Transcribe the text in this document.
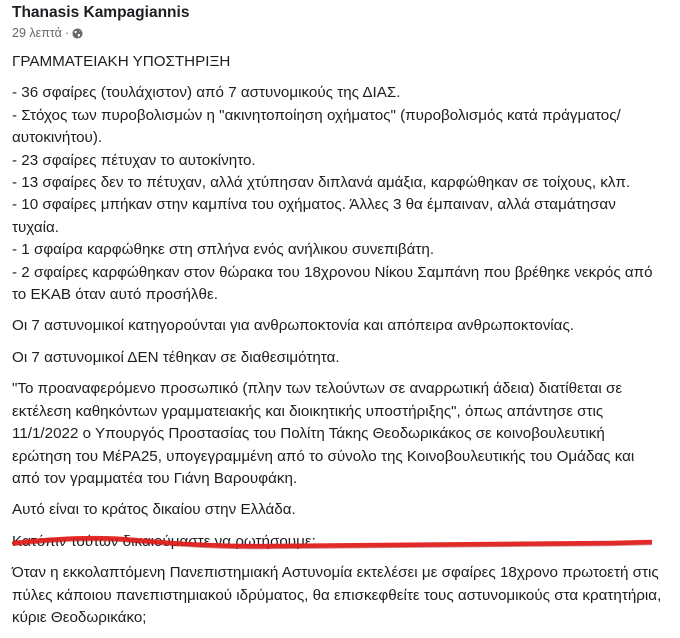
Thanasis Kampagiannis
29 λεπτά ·

ΓΡΑΜΜΑΤΕΙΑΚΗ ΥΠΟΣΤΗΡΙΞΗ

- 36 σφαίρες (τουλάχιστον) από 7 αστυνομικούς της ΔΙΑΣ.
- Στόχος των πυροβολισμών η "ακινητοποίηση οχήματος" (πυροβολισμός κατά πράγματος/αυτοκινήτου).
- 23 σφαίρες πέτυχαν το αυτοκίνητο.
- 13 σφαίρες δεν το πέτυχαν, αλλά χτύπησαν διπλανά αμάξια, καρφώθηκαν σε τοίχους, κλπ.
- 10 σφαίρες μπήκαν στην καμπίνα του οχήματος. Άλλες 3 θα έμπαιναν, αλλά σταμάτησαν τυχαία.
- 1 σφαίρα καρφώθηκε στη σπλήνα ενός ανήλικου συνεπιβάτη.
- 2 σφαίρες καρφώθηκαν στον θώρακα του 18χρονου Νίκου Σαμπάνη που βρέθηκε νεκρός από το ΕΚΑΒ όταν αυτό προσήλθε.

Οι 7 αστυνομικοί κατηγορούνται για ανθρωποκτονία και απόπειρα ανθρωποκτονίας.

Οι 7 αστυνομικοί ΔΕΝ τέθηκαν σε διαθεσιμότητα.

"Το προαναφερόμενο προσωπικό (πλην των τελούντων σε αναρρωτική άδεια) διατίθεται σε εκτέλεση καθηκόντων γραμματειακής και διοικητικής υποστήριξης", όπως απάντησε στις 11/1/2022 ο Υπουργός Προστασίας του Πολίτη Τάκης Θεοδωρικάκος σε κοινοβουλευτική ερώτηση του ΜέΡΑ25, υπογεγραμμένη από το σύνολο της Κοινοβουλευτικής του Ομάδας και από τον γραμματέα του Γιάνη Βαρουφάκη.

Αυτό είναι το κράτος δικαίου στην Ελλάδα.

Κατόπιν τούτων δικαιούμαστε να ρωτήσουμε:

Όταν η εκκολαπτόμενη Πανεπιστημιακή Αστυνομία εκτελέσει με σφαίρες 18χρονο πρωτοετή στις πύλες κάποιου πανεπιστημιακού ιδρύματος, θα επισκεφθείτε τους αστυνομικούς στα κρατητήρια, κύριε Θεοδωρικάκο;
